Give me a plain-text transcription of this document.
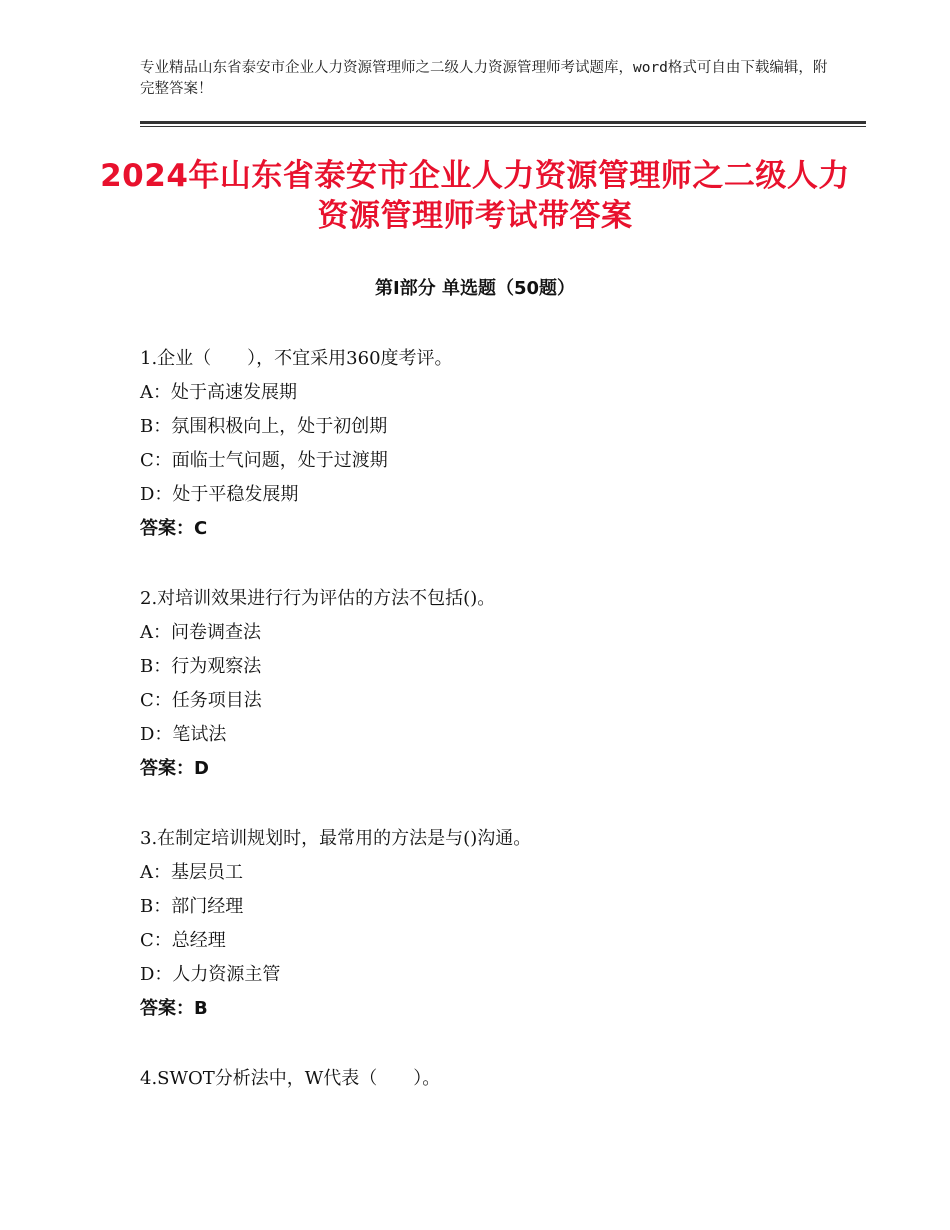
专业精品山东省泰安市企业人力资源管理师之二级人力资源管理师考试题库，word格式可自由下载编辑，附完整答案！
2024年山东省泰安市企业人力资源管理师之二级人力资源管理师考试带答案
第Ⅰ部分 单选题（50题）
1.企业（　　），不宜采用360度考评。
A：处于高速发展期
B：氛围积极向上，处于初创期
C：面临士气问题，处于过渡期
D：处于平稳发展期
答案：C
2.对培训效果进行行为评估的方法不包括()。
A：问卷调查法
B：行为观察法
C：任务项目法
D：笔试法
答案：D
3.在制定培训规划时，最常用的方法是与()沟通。
A：基层员工
B：部门经理
C：总经理
D：人力资源主管
答案：B
4.SWOT分析法中，W代表（　　）。
